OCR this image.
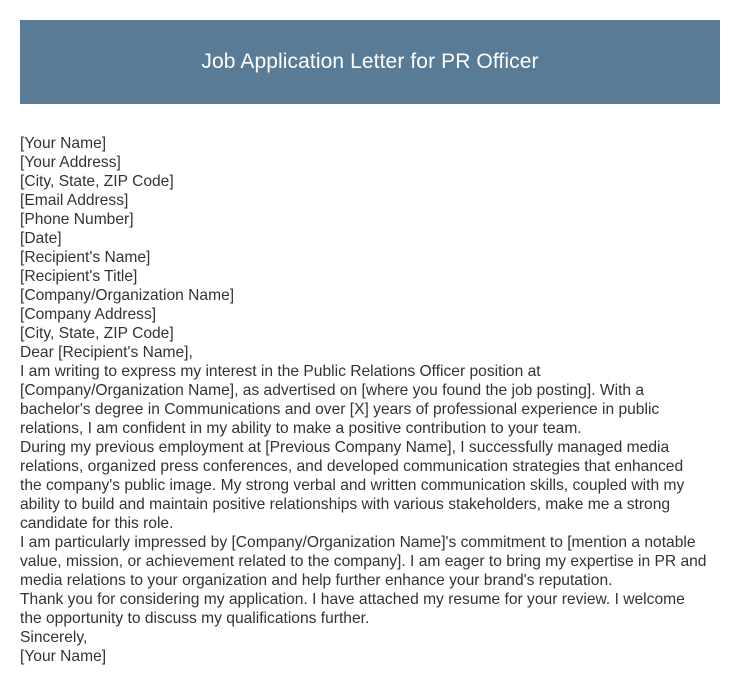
Job Application Letter for PR Officer
[Your Name]
[Your Address]
[City, State, ZIP Code]
[Email Address]
[Phone Number]
[Date]
[Recipient's Name]
[Recipient's Title]
[Company/Organization Name]
[Company Address]
[City, State, ZIP Code]
Dear [Recipient's Name],

I am writing to express my interest in the Public Relations Officer position at
[Company/Organization Name], as advertised on [where you found the job posting]. With a
bachelor's degree in Communications and over [X] years of professional experience in public
relations, I am confident in my ability to make a positive contribution to your team.

During my previous employment at [Previous Company Name], I successfully managed media
relations, organized press conferences, and developed communication strategies that enhanced
the company's public image. My strong verbal and written communication skills, coupled with my
ability to build and maintain positive relationships with various stakeholders, make me a strong
candidate for this role.

I am particularly impressed by [Company/Organization Name]'s commitment to [mention a notable
value, mission, or achievement related to the company]. I am eager to bring my expertise in PR and
media relations to your organization and help further enhance your brand's reputation.

Thank you for considering my application. I have attached my resume for your review. I welcome
the opportunity to discuss my qualifications further.

Sincerely,
[Your Name]
